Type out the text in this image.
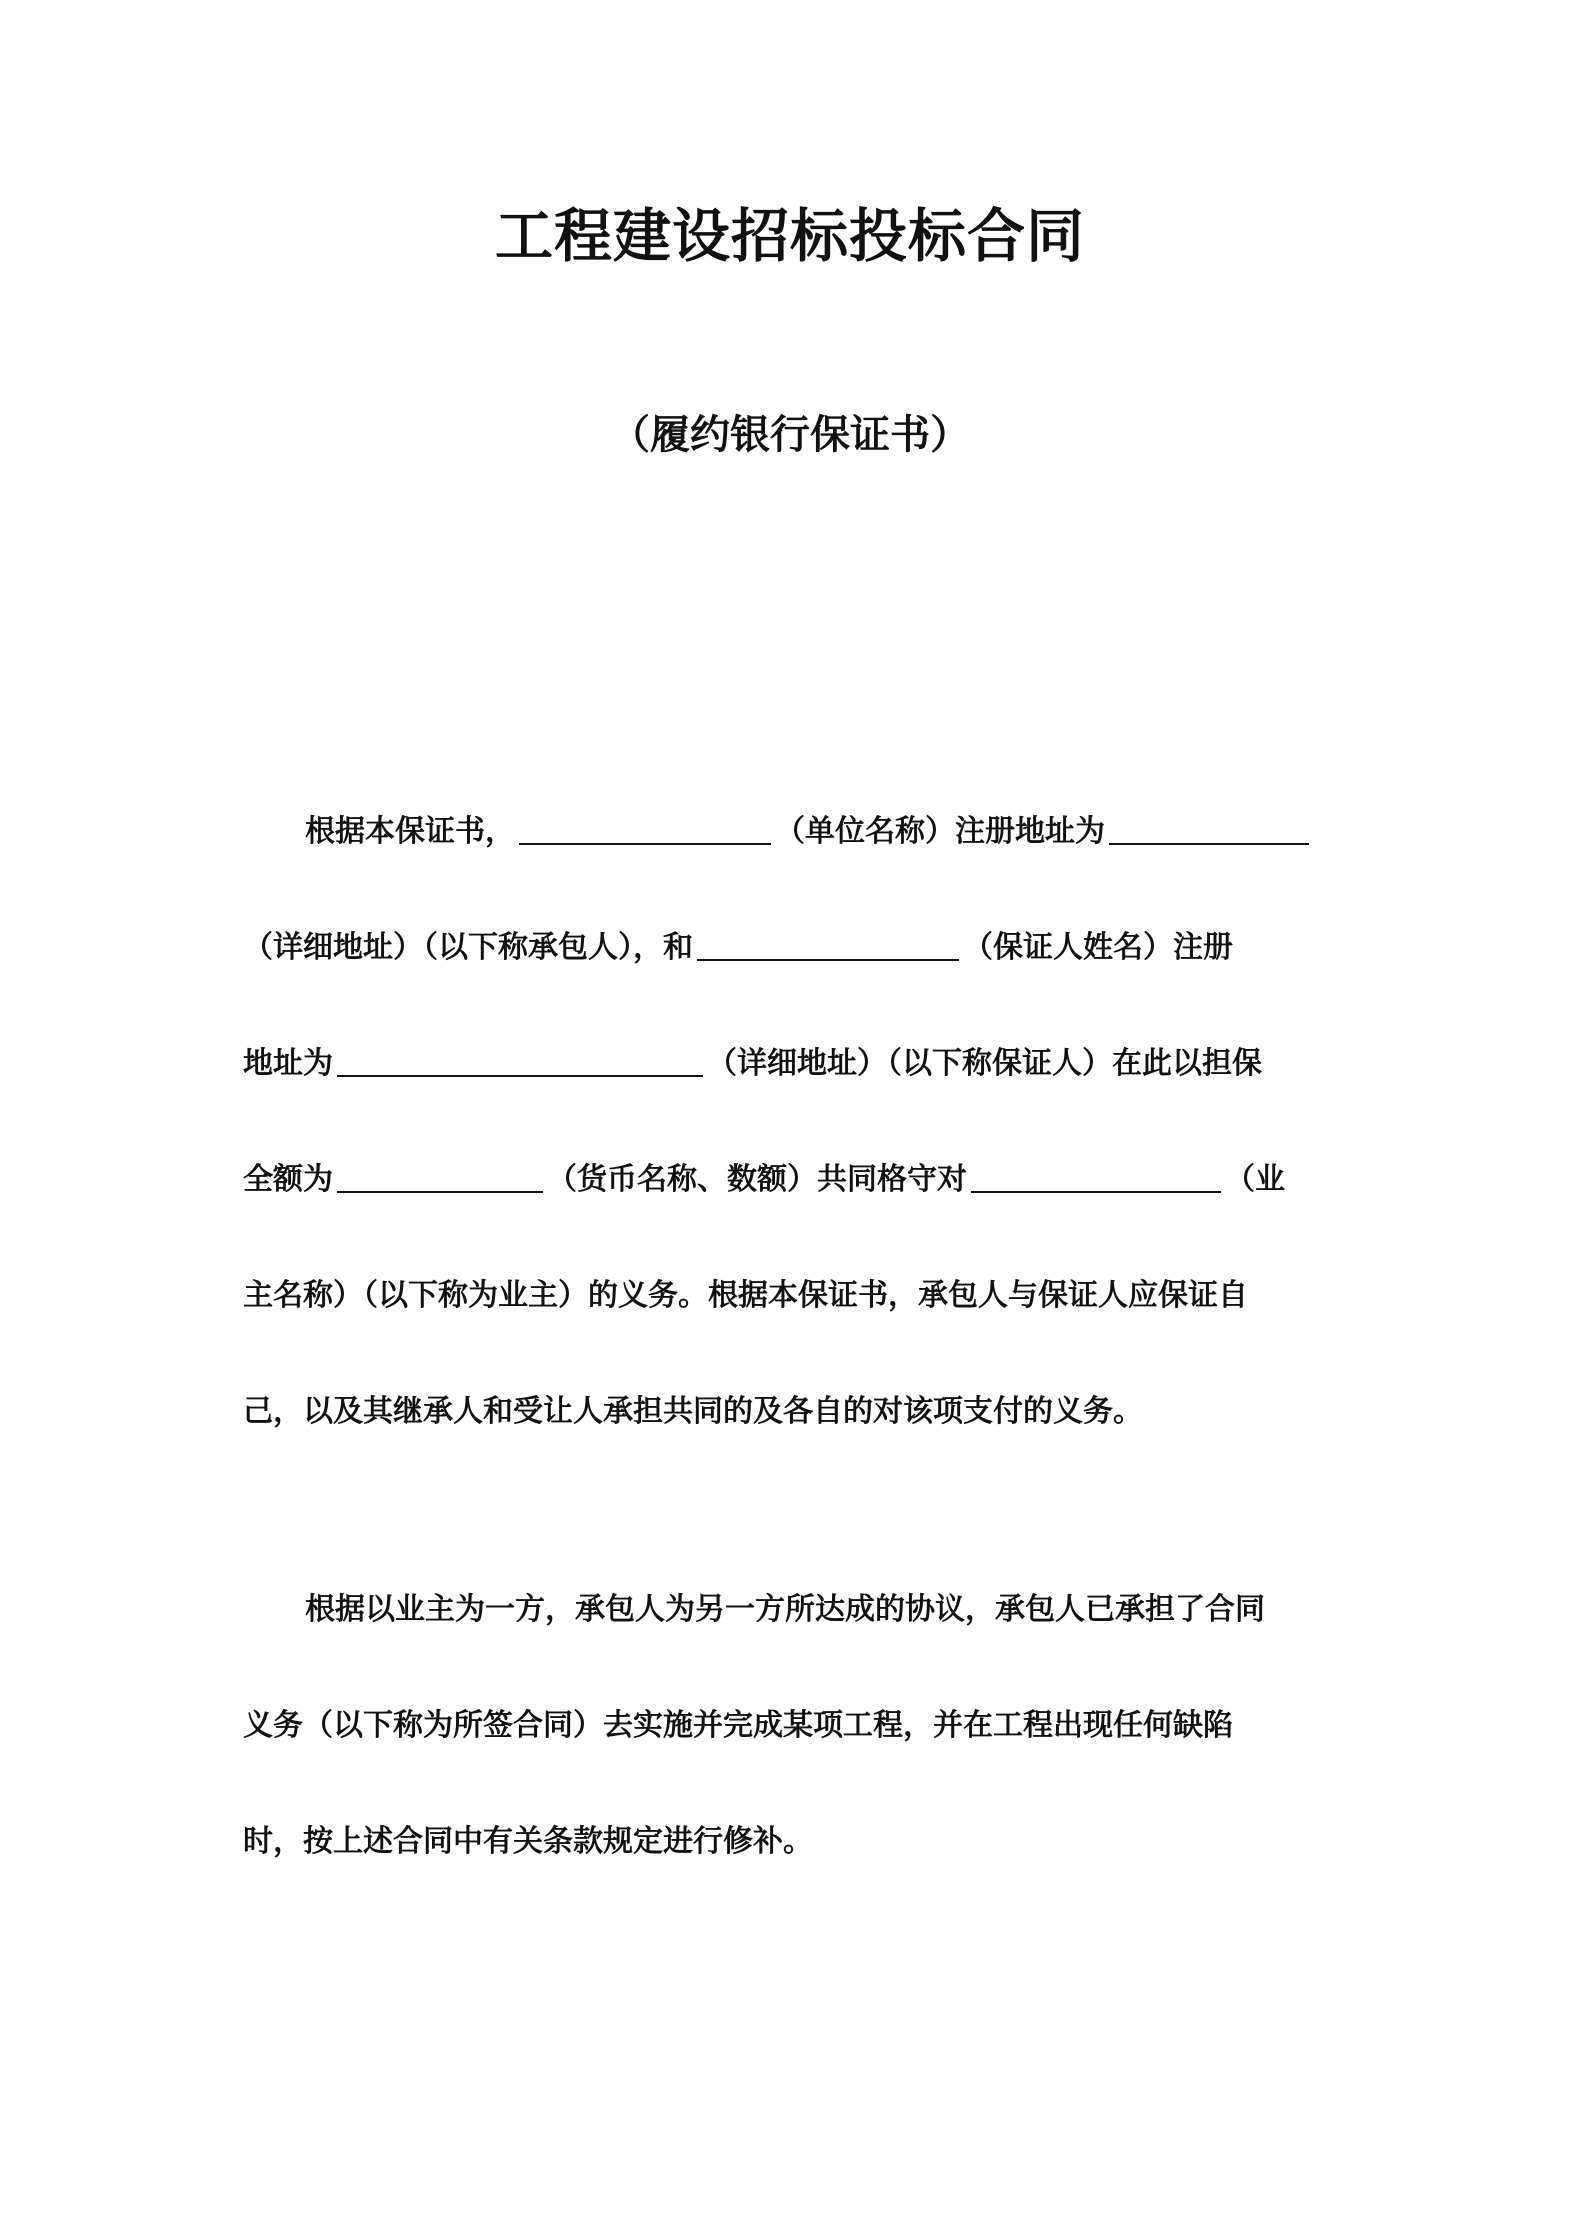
工程建设招标投标合同
（履约银行保证书）
根据本保证书，	（单位名称）注册地址为
（详细地址）（以下称承包人），和	（保证人姓名）注册
地址为	（详细地址）（以下称保证人）在此以担保
全额为	（货币名称、数额）共同格守对	（业
主名称）（以下称为业主）的义务。根据本保证书，承包人与保证人应保证自
己，以及其继承人和受让人承担共同的及各自的对该项支付的义务。
根据以业主为一方，承包人为另一方所达成的协议，承包人已承担了合同
义务（以下称为所签合同）去实施并完成某项工程，并在工程出现任何缺陷
时，按上述合同中有关条款规定进行修补。
